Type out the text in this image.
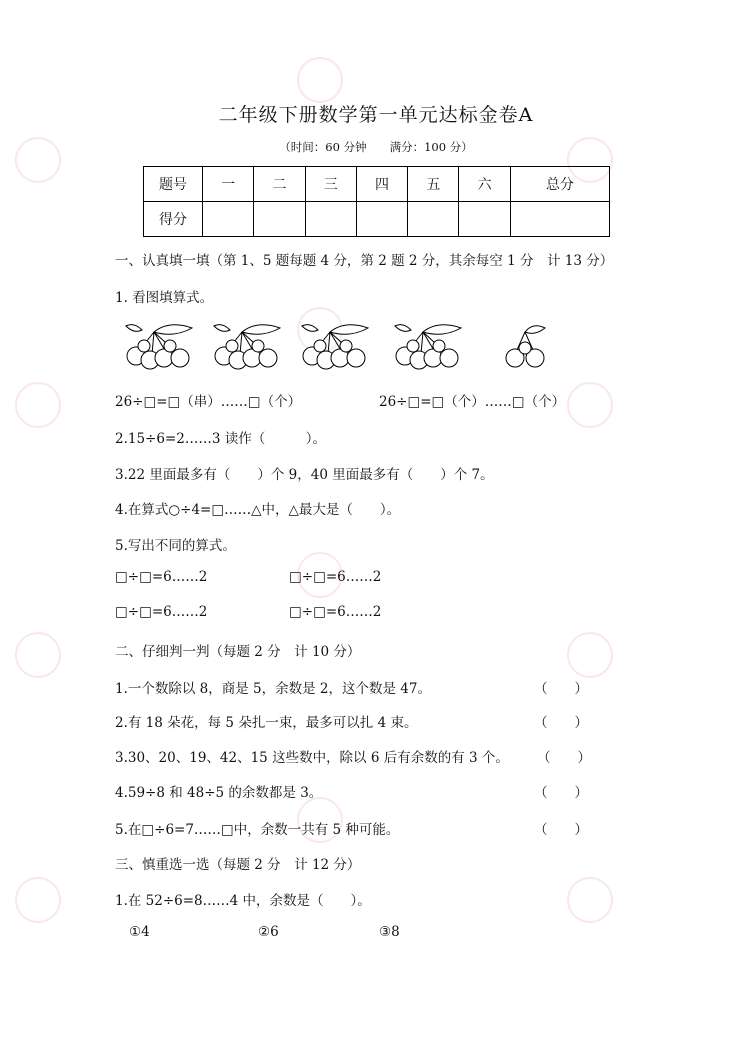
二年级下册数学第一单元达标金卷A
（时间：60 分钟　　满分：100 分）
题号	一	二	三	四	五	六	总分
得分							
一、认真填一填（第 1、5 题每题 4 分，第 2 题 2 分，其余每空 1 分　计 13 分）
1. 看图填算式。
26÷□=□（串）……□（个）	26÷□=□（个）……□（个）
2.15÷6=2……3 读作（　　　）。
3.22 里面最多有（　　）个 9，40 里面最多有（　　）个 7。
4.在算式○÷4=□……△中，△最大是（　　）。
5.写出不同的算式。
□÷□=6……2	□÷□=6……2
□÷□=6……2	□÷□=6……2
二、仔细判一判（每题 2 分　计 10 分）
1.一个数除以 8，商是 5，余数是 2，这个数是 47。	（　　）
2.有 18 朵花，每 5 朵扎一束，最多可以扎 4 束。	（　　）
3.30、20、19、42、15 这些数中，除以 6 后有余数的有 3 个。 （　　）
4.59÷8 和 48÷5 的余数都是 3。	（　　）
5.在□÷6=7……□中，余数一共有 5 种可能。	（　　）
三、慎重选一选（每题 2 分　计 12 分）
1.在 52÷6=8……4 中，余数是（　　）。
①4	②6	③8
